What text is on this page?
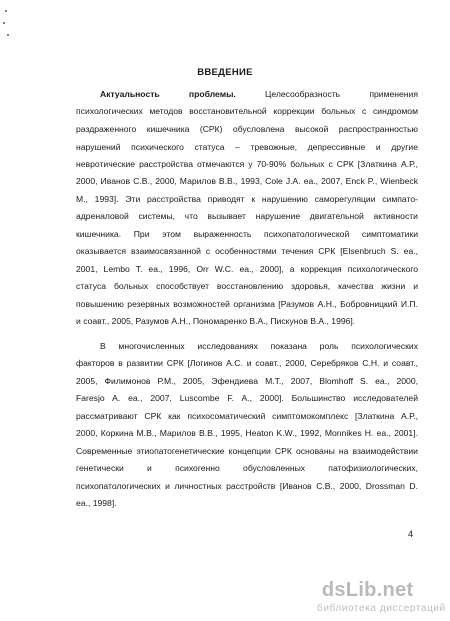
ВВЕДЕНИЕ
Актуальность проблемы. Целесообразность применения
психологических методов восстановительной коррекции больных с синдромом
раздраженного кишечника (СРК) обусловлена высокой распространностью
нарушений психического статуса – тревожные, депрессивные и другие
невротические расстройства отмечаются у 70-90% больных с СРК [Златкина А.Р.,
2000, Иванов С.В., 2000, Марилов В.В., 1993, Cole J.A. ea., 2007, Enck P., Wienbeck
M., 1993]. Эти расстройства приводят к нарушению саморегуляции симпато-
адреналовой системы, что вызывает нарушение двигательной активности
кишечника. При этом выраженность психопатологической симптоматики
оказывается взаимосвязанной с особенностями течения СРК [Elsenbruch S. ea.,
2001, Lembo T. ea., 1996, Orr W.C. ea., 2000], а коррекция психологического
статуса больных способствует восстановлению здоровья, качества жизни и
повышению резервных возможностей организма [Разумов А.Н., Бобровницкий И.П.
и соавт., 2005, Разумов А.Н., Пономаренко В.А., Пискунов В.А., 1996].
В многочисленных исследованиях показана роль психологических
факторов в развитии СРК [Логинов А.С. и соавт., 2000, Серебряков С.Н. и соавт.,
2005, Филимонов Р.М., 2005, Эфендиева М.Т., 2007, Blomhoff S. ea., 2000,
Faresjo A. ea., 2007, Luscombe F. A., 2000]. Большинство исследователей
рассматривают СРК как психосоматический симптомокомплекс [Златкина А.Р.,
2000, Коркина М.В., Марилов В.В., 1995, Heaton K.W., 1992, Monnikes H. ea., 2001].
Современные этиопатогенетические концепции СРК основаны на взаимодействии
генетически и психогенно обусловленных патофизиологических,
психопатологических и личностных расстройств [Иванов С.В., 2000, Drossman D.
ea., 1998].
4
dsLib.net
библиотека диссертаций
